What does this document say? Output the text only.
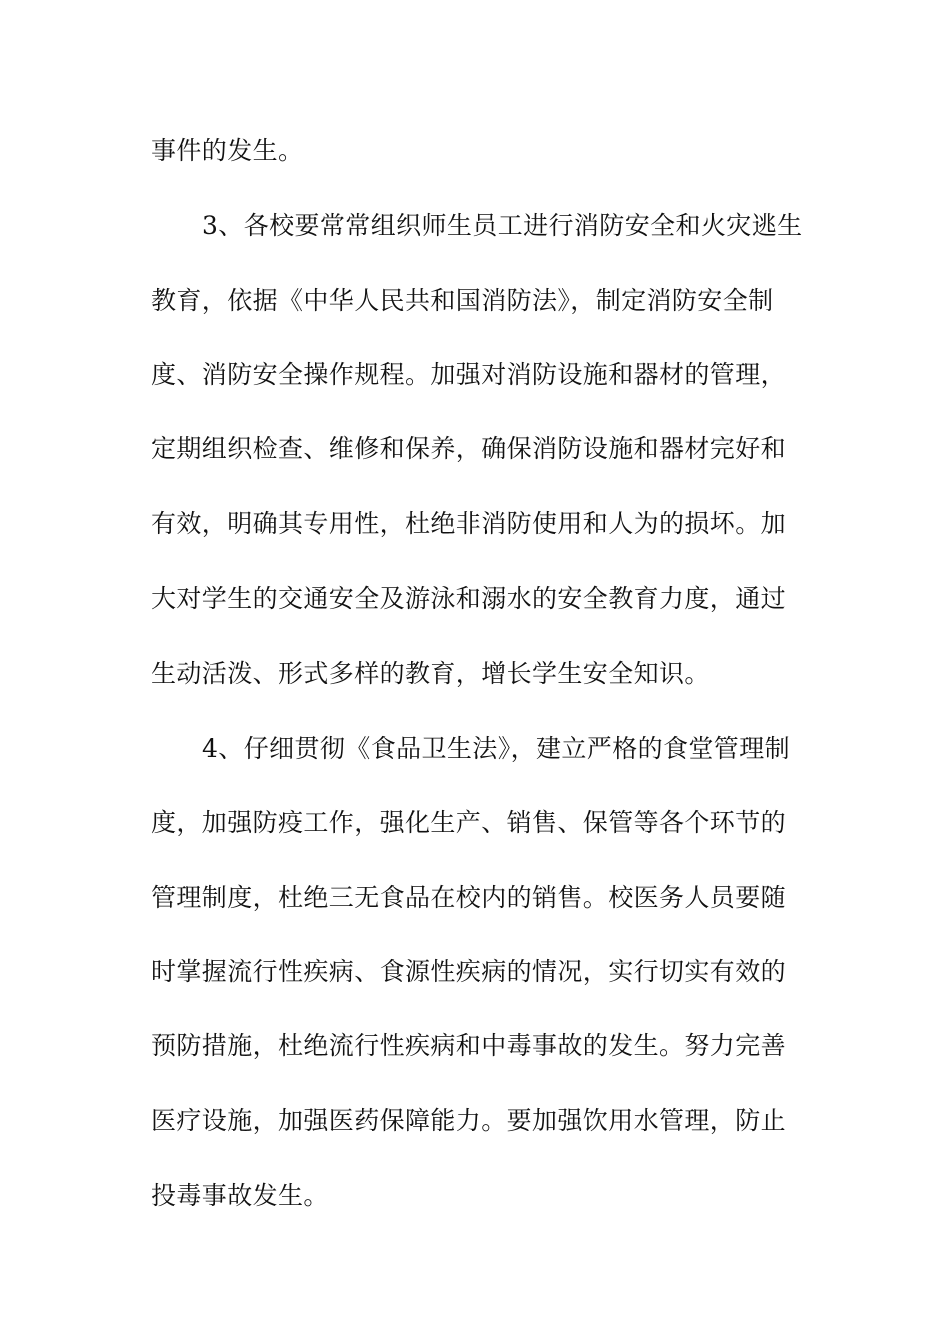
事件的发生。
3、各校要常常组织师生员工进行消防安全和火灾逃生
教育，依据《中华人民共和国消防法》，制定消防安全制
度、消防安全操作规程。加强对消防设施和器材的管理，
定期组织检查、维修和保养，确保消防设施和器材完好和
有效，明确其专用性，杜绝非消防使用和人为的损坏。加
大对学生的交通安全及游泳和溺水的安全教育力度，通过
生动活泼、形式多样的教育，增长学生安全知识。
4、仔细贯彻《食品卫生法》，建立严格的食堂管理制
度，加强防疫工作，强化生产、销售、保管等各个环节的
管理制度，杜绝三无食品在校内的销售。校医务人员要随
时掌握流行性疾病、食源性疾病的情况，实行切实有效的
预防措施，杜绝流行性疾病和中毒事故的发生。努力完善
医疗设施，加强医药保障能力。要加强饮用水管理，防止
投毒事故发生。
